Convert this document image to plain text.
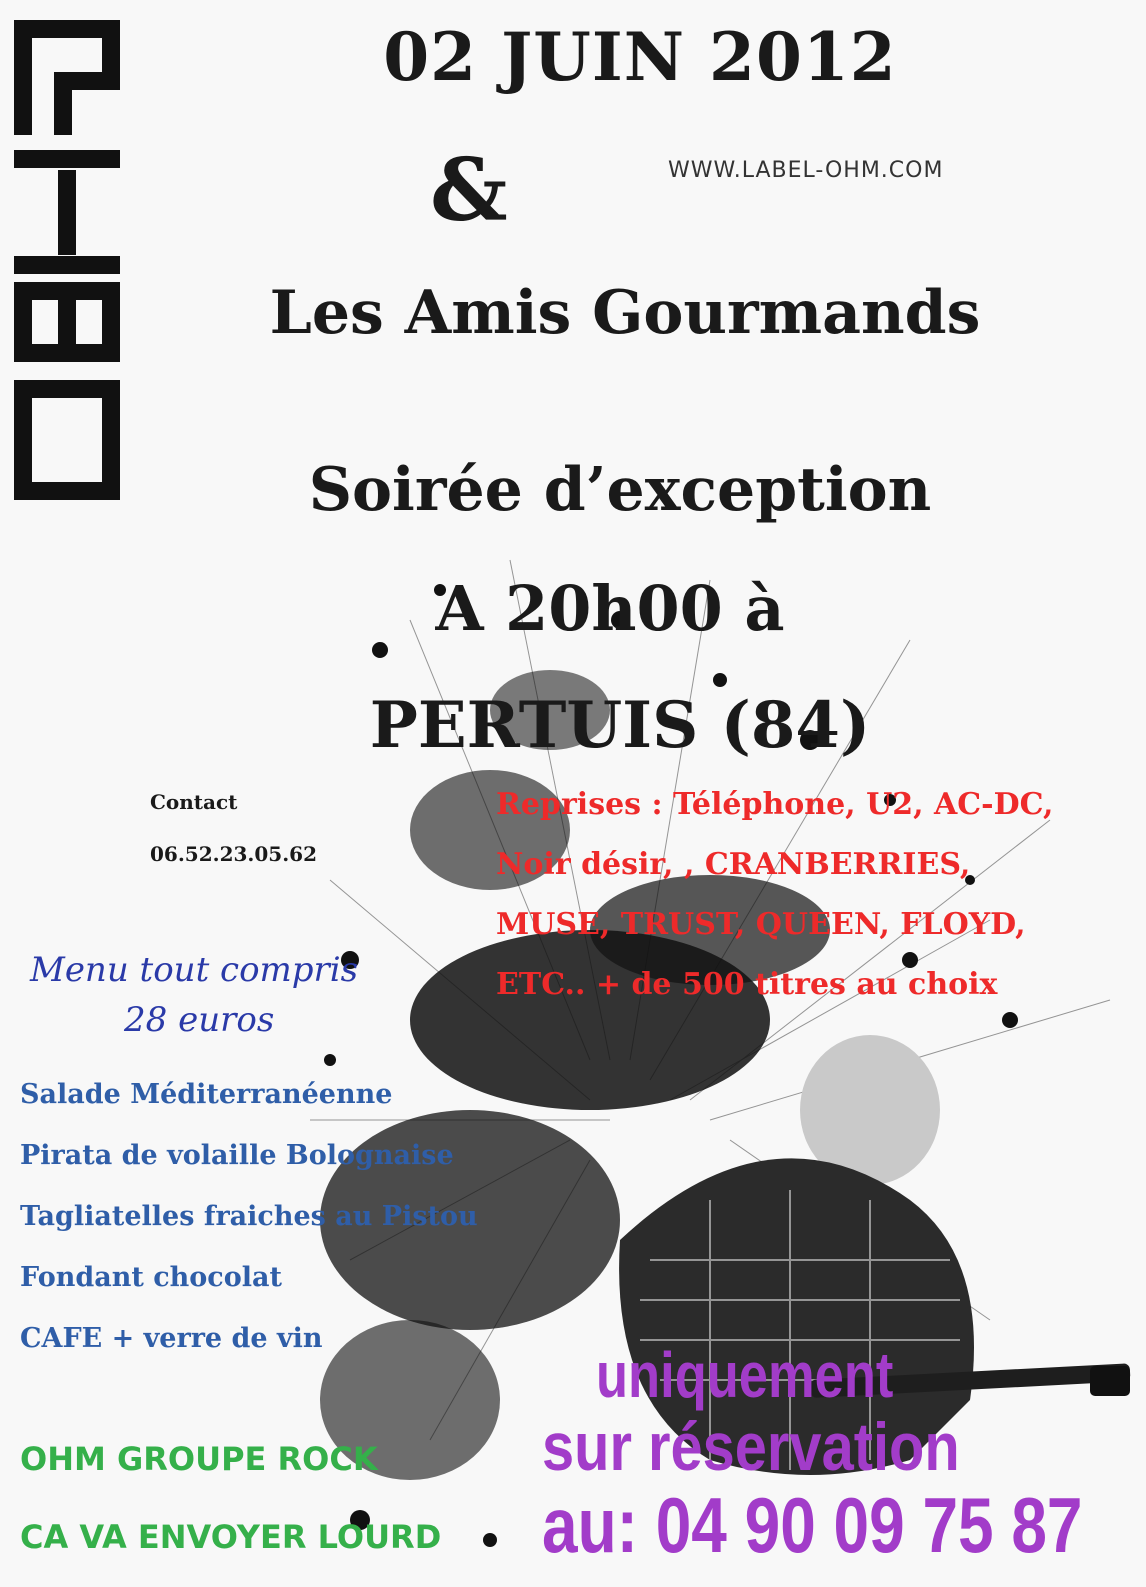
02 JUIN 2012
&	WWW.LABEL-OHM.COM
Les Amis Gourmands
Soirée d’exception
A 20h00 à
PERTUIS (84)
Contact
06.52.23.05.62
Reprises : Téléphone, U2, AC-DC,
Noir désir, , CRANBERRIES,
MUSE, TRUST, QUEEN, FLOYD,
ETC.. + de 500 titres au choix
Menu tout compris
28 euros
Salade Méditerranéenne
Pirata de volaille Bolognaise
Tagliatelles fraiches au Pistou
Fondant chocolat
CAFE + verre de vin
OHM GROUPE ROCK
CA VA ENVOYER LOURD
uniquement
sur réservation
au: 04 90 09 75 87
